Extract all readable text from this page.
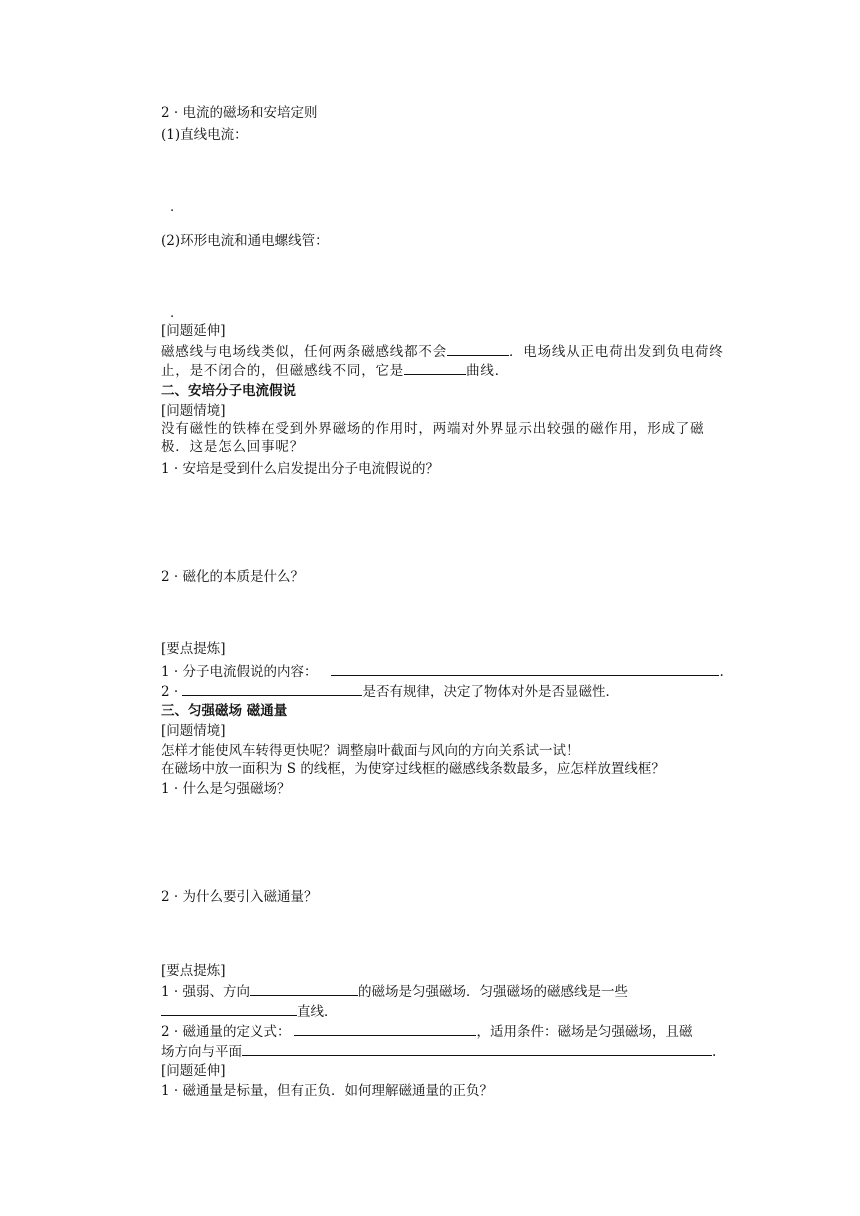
2 · 电流的磁场和安培定则
(1)直线电流：
.
(2)环形电流和通电螺线管：
.
[问题延伸]
磁感线与电场线类似，任何两条磁感线都不会	．电场线从正电荷出发到负电荷终止，是不闭合的，但磁感线不同，它是	曲线．
二、安培分子电流假说
[问题情境]
没有磁性的铁棒在受到外界磁场的作用时，两端对外界显示出较强的磁作用，形成了磁极．这是怎么回事呢？
1 · 安培是受到什么启发提出分子电流假说的？
2 · 磁化的本质是什么？
[要点提炼]
1 · 分子电流假说的内容：	.
2 ·	是否有规律，决定了物体对外是否显磁性．
三、匀强磁场 磁通量
[问题情境]
怎样才能使风车转得更快呢？调整扇叶截面与风向的方向关系试一试！
在磁场中放一面积为 S 的线框，为使穿过线框的磁感线条数最多，应怎样放置线框？
1 · 什么是匀强磁场？
2 · 为什么要引入磁通量？
[要点提炼]
1 · 强弱、方向	的磁场是匀强磁场．匀强磁场的磁感线是一些
直线．
2 · 磁通量的定义式：	，适用条件：磁场是匀强磁场，且磁
场方向与平面	.
[问题延伸]
1 · 磁通量是标量，但有正负．如何理解磁通量的正负？
